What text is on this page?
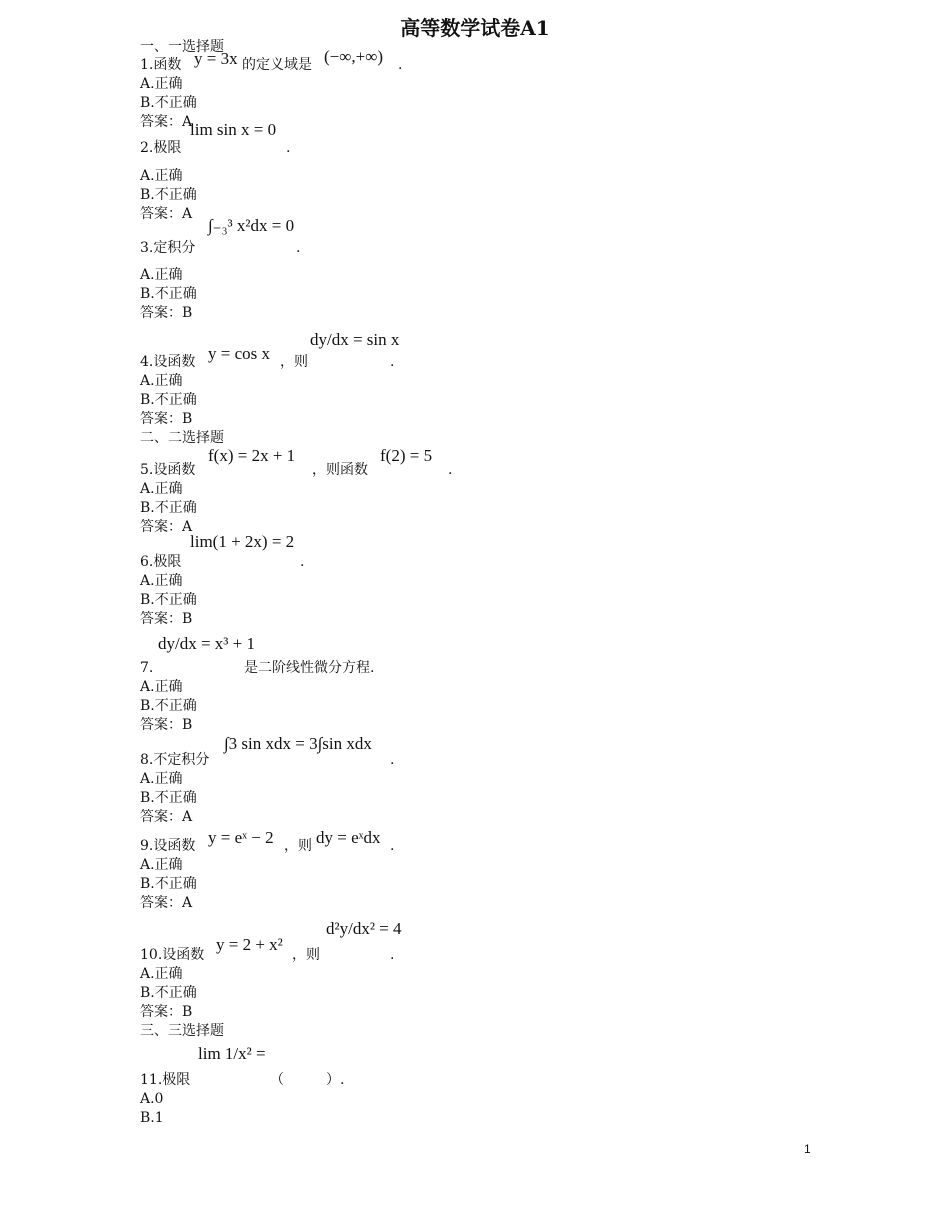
高等数学试卷A1
一、一选择题
1.函数 y = 3x 的定义域是 (−∞,+∞) .
A.正确
B.不正确
答案：A
2.极限
lim sin x = 0
.
A.正确
B.不正确
答案：A
3.定积分
∫₋₃³ x²dx = 0
.
A.正确
B.不正确
答案：B
4.设函数 y = cos x ，则
dy/dx = sin x
.
A.正确
B.不正确
答案：B
二、二选择题
5.设函数
f(x) = 2x + 1
，则函数
f(2) = 5
.
A.正确
B.不正确
答案：A
6.极限
lim(1 + 2x) = 2
.
A.正确
B.不正确
答案：B
7.
dy/dx = x³ + 1
是二阶线性微分方程.
A.正确
B.不正确
答案：B
8.不定积分
∫3 sin xdx = 3∫sin xdx
.
A.正确
B.不正确
答案：A
9.设函数 y = eˣ − 2 ，则 dy = eˣdx .
A.正确
B.不正确
答案：A
10.设函数
y = 2 + x²
，则
d²y/dx² = 4
.
A.正确
B.不正确
答案：B
三、三选择题
11.极限
lim 1/x² =
（　　　）.
A.0
B.1
1
